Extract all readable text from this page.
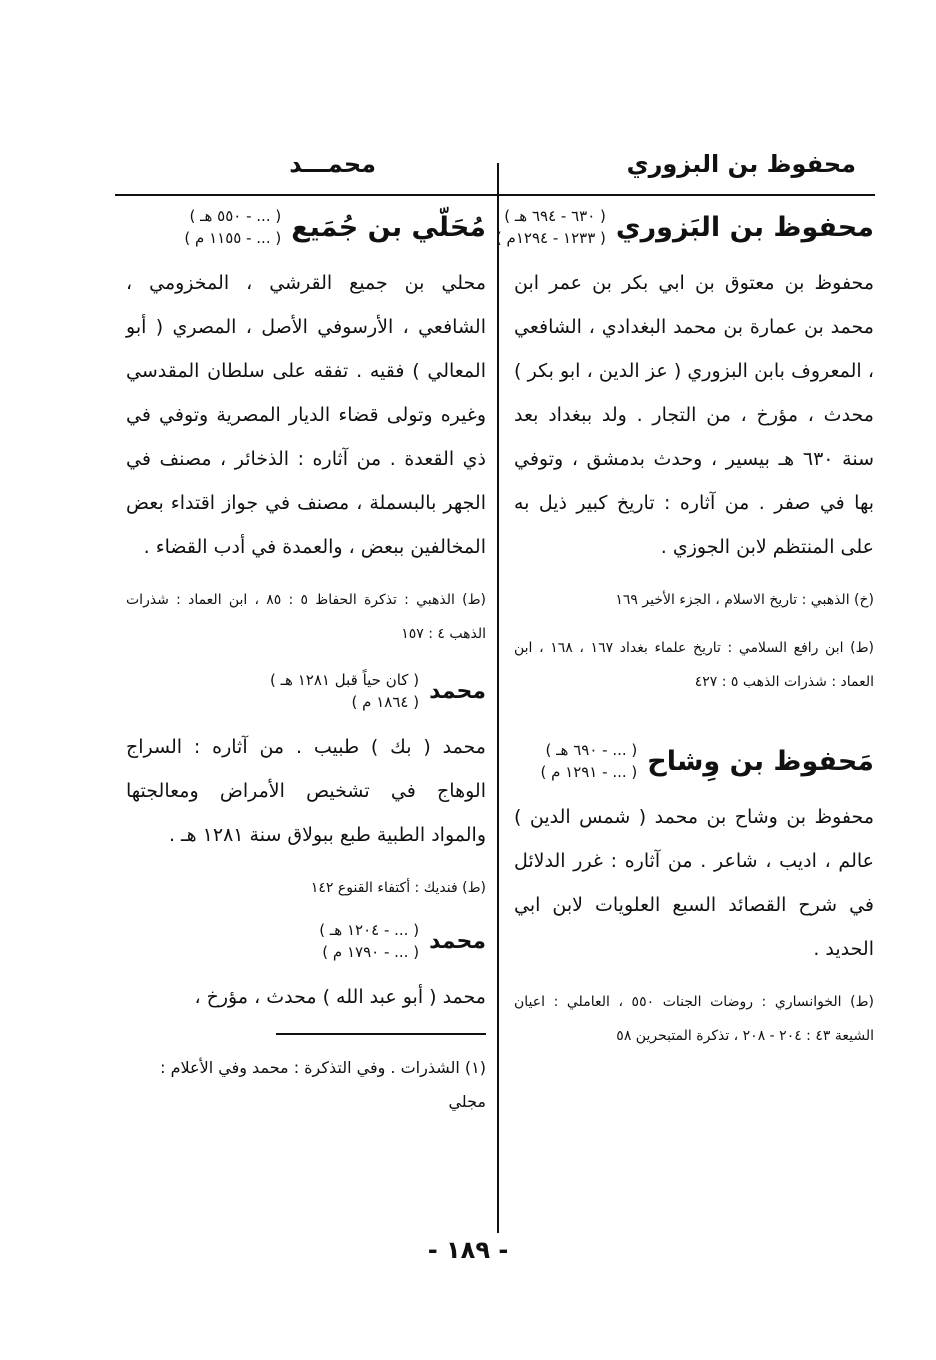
محفوظ بن البزوري
محمـــد
محفوظ بن البَزوري
( ٦٣٠ - ٦٩٤ هـ )
( ١٢٣٣ - ١٢٩٤م )

محفوظ بن معتوق بن ابي بكر بن عمر ابن محمد بن عمارة بن محمد البغدادي ، الشافعي ، المعروف بابن البزوري ( عز الدين ، ابو بكر ) محدث ، مؤرخ ، من التجار . ولد ببغداد بعد سنة ٦٣٠ هـ بيسير ، وحدث بدمشق ، وتوفي بها في صفر . من آثاره : تاريخ كبير ذيل به على المنتظم لابن الجوزي .

(خ) الذهبي : تاريخ الاسلام ، الجزء الأخير ١٦٩

(ط) ابن رافع السلامي : تاريخ علماء بغداد ١٦٧ ، ١٦٨ ، ابن العماد : شذرات الذهب ٥ : ٤٢٧

مَحفوظ بن وِشاح
( ... - ٦٩٠ هـ )
( ... - ١٢٩١ م )

محفوظ بن وشاح بن محمد ( شمس الدين ) عالم ، اديب ، شاعر . من آثاره : غرر الدلائل في شرح القصائد السبع العلويات لابن ابي الحديد .

(ط) الخوانساري : روضات الجنات ٥٥٠ ، العاملي : اعيان الشيعة ٤٣ : ٢٠٤ - ٢٠٨ ، تذكرة المتبحرين ٥٨

مُحَلّي بن جُمَيع
( ... - ٥٥٠ هـ )
( ... - ١١٥٥ م )

محلي بن جميع القرشي ، المخزومي ، الشافعي ، الأرسوفي الأصل ، المصري ( أبو المعالي ) فقيه . تفقه على سلطان المقدسي وغيره وتولى قضاء الديار المصرية وتوفي في ذي القعدة . من آثاره : الذخائر ، مصنف في الجهر بالبسملة ، مصنف في جواز اقتداء بعض المخالفين ببعض ، والعمدة في أدب القضاء .

(ط) الذهبي : تذكرة الحفاظ ٥ : ٨٥ ، ابن العماد : شذرات الذهب ٤ : ١٥٧

محمد
( كان حياً قبل ١٢٨١ هـ )
( ١٨٦٤ م )

محمد ( بك ) طبيب . من آثاره : السراج الوهاج في تشخيص الأمراض ومعالجتها والمواد الطبية طبع ببولاق سنة ١٢٨١ هـ .

(ط) فنديك : أكتفاء القنوع ١٤٢

محمد
( ... - ١٢٠٤ هـ )
( ... - ١٧٩٠ م )

محمد ( أبو عبد الله ) محدث ، مؤرخ ،

(١) الشذرات . وفي التذكرة : محمد وفي الأعلام : مجلي

- ١٨٩ -
